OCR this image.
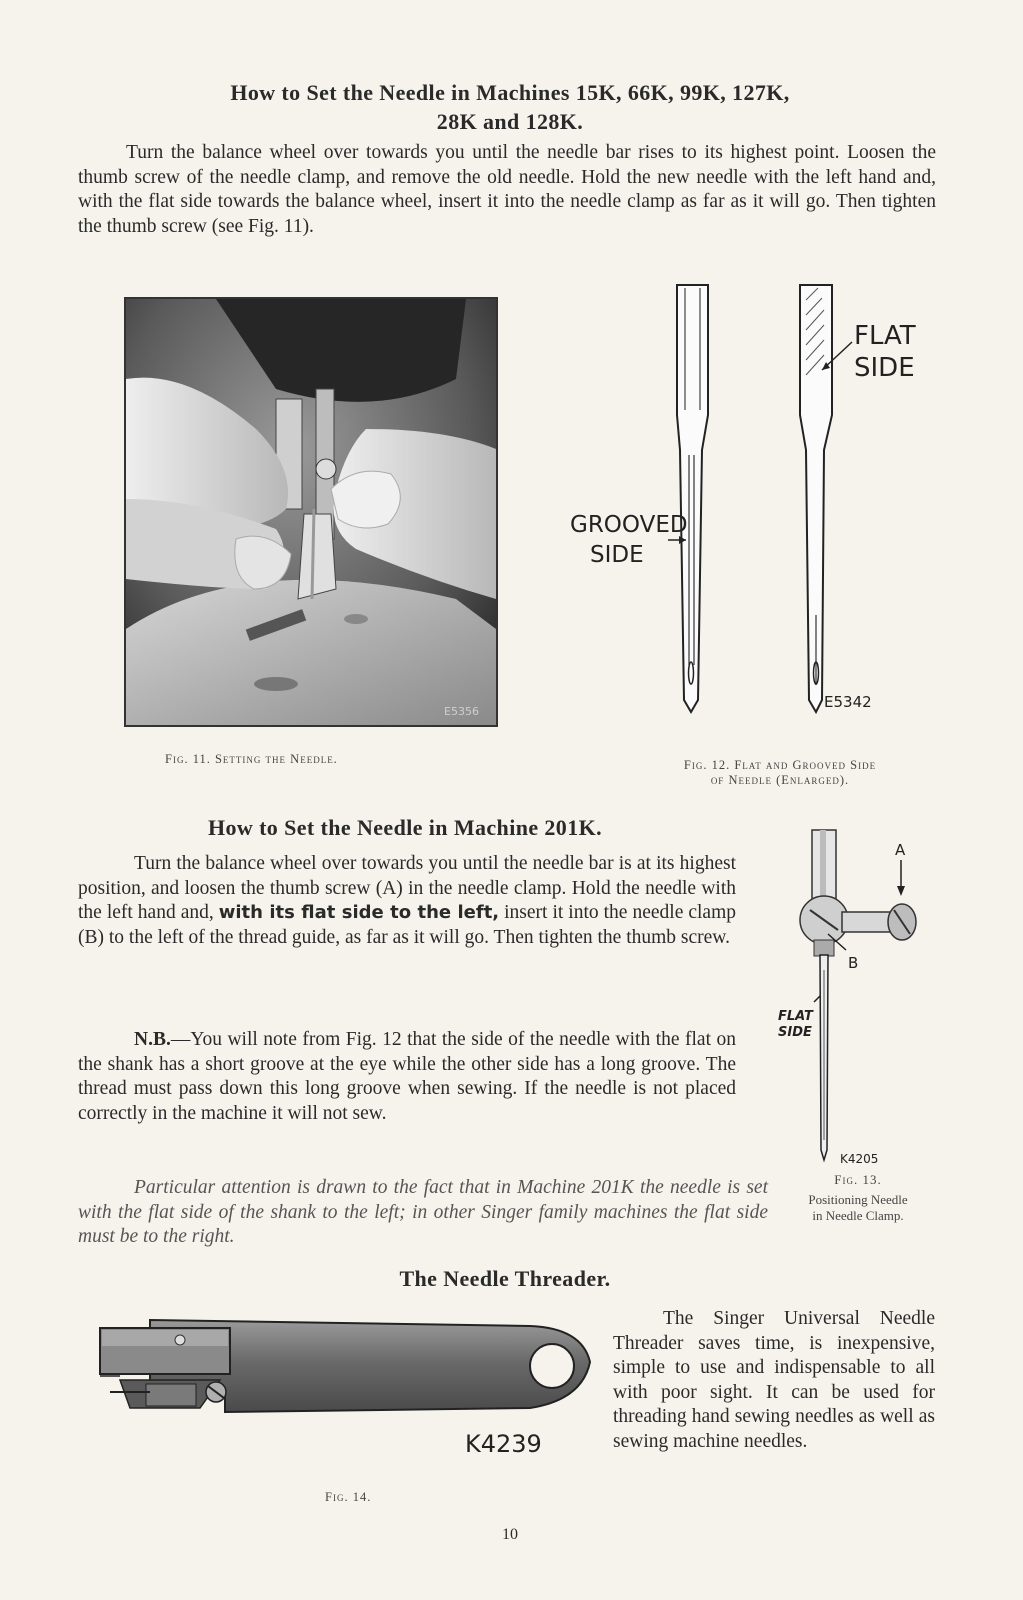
How to Set the Needle in Machines 15K, 66K, 99K, 127K,
28K and 128K.
Turn the balance wheel over towards you until the needle bar rises to its highest point. Loosen the thumb screw of the needle clamp, and remove the old needle. Hold the new needle with the left hand and, with the flat side towards the balance wheel, insert it into the needle clamp as far as it will go. Then tighten the thumb screw (see Fig. 11).
E5356
Fig. 11. Setting the Needle.
GROOVED
SIDE
FLAT
SIDE
E5342
Fig. 12. Flat and Grooved Side
of Needle (Enlarged).
How to Set the Needle in Machine 201K.
Turn the balance wheel over towards you until the needle bar is at its highest position, and loosen the thumb screw (A) in the needle clamp. Hold the needle with the left hand and, with its flat side to the left, insert it into the needle clamp (B) to the left of the thread guide, as far as it will go. Then tighten the thumb screw.
N.B.—You will note from Fig. 12 that the side of the needle with the flat on the shank has a short groove at the eye while the other side has a long groove. The thread must pass down this long groove when sewing. If the needle is not placed correctly in the machine it will not sew.
Particular attention is drawn to the fact that in Machine 201K the needle is set with the flat side of the shank to the left; in other Singer family machines the flat side must be to the right.
A
B
FLAT
SIDE
K4205
Fig. 13.
Positioning Needle
in Needle Clamp.
The Needle Threader.
K4239
Fig. 14.
The Singer Universal Needle Threader saves time, is inexpensive, simple to use and indispensable to all with poor sight. It can be used for threading hand sewing needles as well as sewing machine needles.
10
